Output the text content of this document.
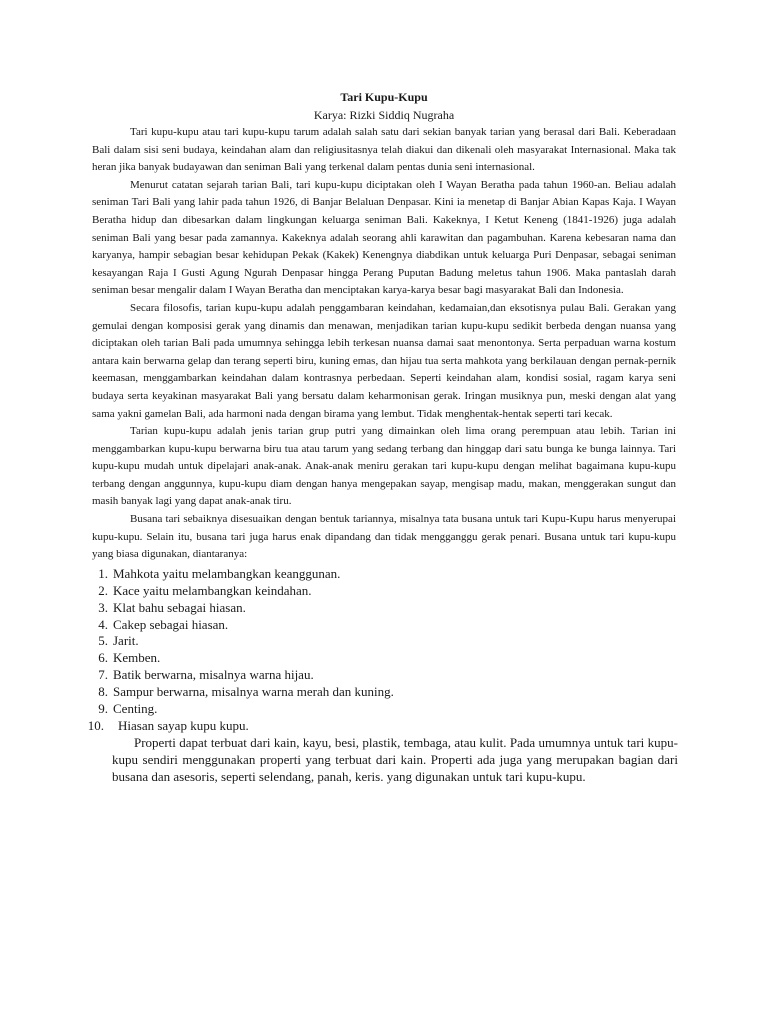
Tari Kupu-Kupu

Karya: Rizki Siddiq Nugraha

Tari kupu-kupu atau tari kupu-kupu tarum adalah salah satu dari sekian banyak tarian yang berasal dari Bali. Keberadaan Bali dalam sisi seni budaya, keindahan alam dan religiusitasnya telah diakui dan dikenali oleh masyarakat Internasional. Maka tak heran jika banyak budayawan dan seniman Bali yang terkenal dalam pentas dunia seni internasional.

Menurut catatan sejarah tarian Bali, tari kupu-kupu diciptakan oleh I Wayan Beratha pada tahun 1960-an. Beliau adalah seniman Tari Bali yang lahir pada tahun 1926, di Banjar Belaluan Denpasar. Kini ia menetap di Banjar Abian Kapas Kaja. I Wayan Beratha hidup dan dibesarkan dalam lingkungan keluarga seniman Bali. Kakeknya, I Ketut Keneng (1841-1926) juga adalah seniman Bali yang besar pada zamannya. Kakeknya adalah seorang ahli karawitan dan pagambuhan. Karena kebesaran nama dan karyanya, hampir sebagian besar kehidupan Pekak (Kakek) Kenengnya diabdikan untuk keluarga Puri Denpasar, sebagai seniman kesayangan Raja I Gusti Agung Ngurah Denpasar hingga Perang Puputan Badung meletus tahun 1906. Maka pantaslah darah seniman besar mengalir dalam I Wayan Beratha dan menciptakan karya-karya besar bagi masyarakat Bali dan Indonesia.

Secara filosofis, tarian kupu-kupu adalah penggambaran keindahan, kedamaian,dan eksotisnya pulau Bali. Gerakan yang gemulai dengan komposisi gerak yang dinamis dan menawan, menjadikan tarian kupu-kupu sedikit berbeda dengan nuansa yang diciptakan oleh tarian Bali pada umumnya sehingga lebih terkesan nuansa damai saat menontonya. Serta perpaduan warna kostum antara kain berwarna gelap dan terang seperti biru, kuning emas, dan hijau tua serta mahkota yang berkilauan dengan pernak-pernik keemasan, menggambarkan keindahan dalam kontrasnya perbedaan. Seperti keindahan alam, kondisi sosial, ragam karya seni budaya serta keyakinan masyarakat Bali yang bersatu dalam keharmonisan gerak. Iringan musiknya pun, meski dengan alat yang sama yakni gamelan Bali, ada harmoni nada dengan birama yang lembut. Tidak menghentak-hentak seperti tari kecak.

Tarian kupu-kupu adalah jenis tarian grup putri yang dimainkan oleh lima orang perempuan atau lebih. Tarian ini menggambarkan kupu-kupu berwarna biru tua atau tarum yang sedang terbang dan hinggap dari satu bunga ke bunga lainnya. Tari kupu-kupu mudah untuk dipelajari anak-anak. Anak-anak meniru gerakan tari kupu-kupu dengan melihat bagaimana kupu-kupu terbang dengan anggunnya, kupu-kupu diam dengan hanya mengepakan sayap, mengisap madu, makan, menggerakan sungut dan masih banyak lagi yang dapat anak-anak tiru.

Busana tari sebaiknya disesuaikan dengan bentuk tariannya, misalnya tata busana untuk tari Kupu-Kupu harus menyerupai kupu-kupu. Selain itu, busana tari juga harus enak dipandang dan tidak mengganggu gerak penari. Busana untuk tari kupu-kupu yang biasa digunakan, diantaranya:

1. Mahkota yaitu melambangkan keanggunan.
2. Kace yaitu melambangkan keindahan.
3. Klat bahu sebagai hiasan.
4. Cakep sebagai hiasan.
5. Jarit.
6. Kemben.
7. Batik berwarna, misalnya warna hijau.
8. Sampur berwarna, misalnya warna merah dan kuning.
9. Centing.
10. Hiasan sayap kupu kupu.

Properti dapat terbuat dari kain, kayu, besi, plastik, tembaga, atau kulit. Pada umumnya untuk tari kupu-kupu sendiri menggunakan properti yang terbuat dari kain. Properti ada juga yang merupakan bagian dari busana dan asesoris, seperti selendang, panah, keris. yang digunakan untuk tari kupu-kupu.
